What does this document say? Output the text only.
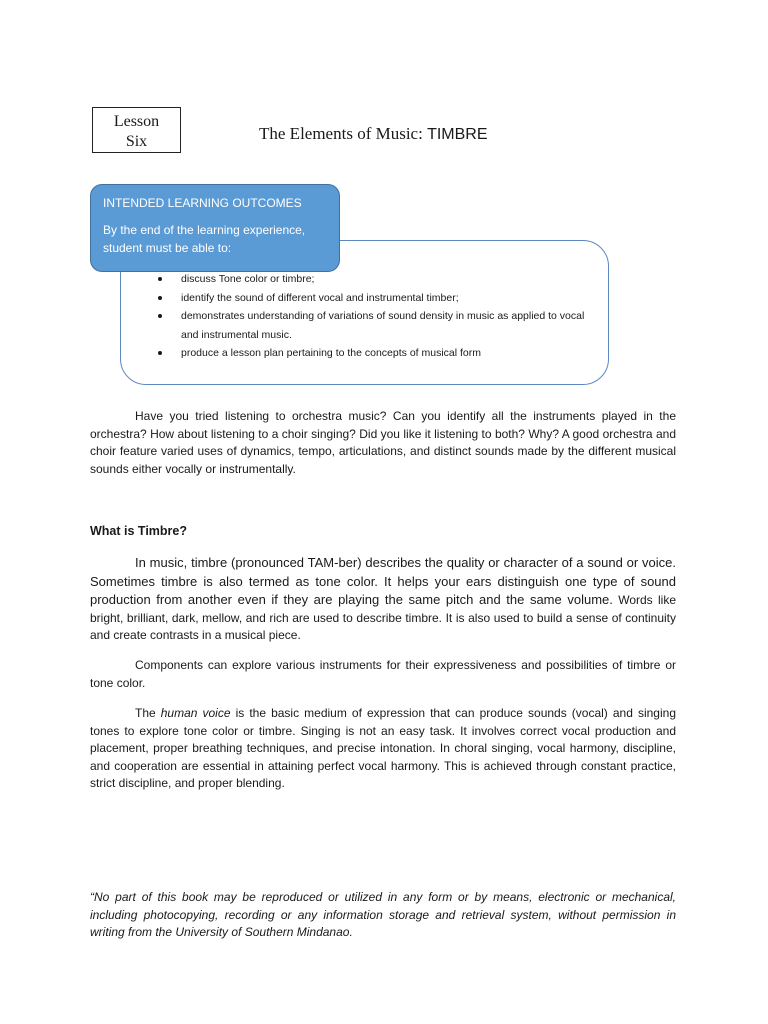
Lesson
Six	The Elements of Music: TIMBRE
INTENDED LEARNING OUTCOMES
By the end of the learning experience, student must be able to:
discuss Tone color or timbre;
identify the sound of different vocal and instrumental timber;
demonstrates understanding of variations of sound density in music as applied to vocal and instrumental music.
produce a lesson plan pertaining to the concepts of musical form

Have you tried listening to orchestra music? Can you identify all the instruments played in the orchestra? How about listening to a choir singing? Did you like it listening to both? Why? A good orchestra and choir feature varied uses of dynamics, tempo, articulations, and distinct sounds made by the different musical sounds either vocally or instrumentally.

What is Timbre?

In music, timbre (pronounced TAM-ber) describes the quality or character of a sound or voice. Sometimes timbre is also termed as tone color. It helps your ears distinguish one type of sound production from another even if they are playing the same pitch and the same volume. Words like bright, brilliant, dark, mellow, and rich are used to describe timbre. It is also used to build a sense of continuity and create contrasts in a musical piece.

Components can explore various instruments for their expressiveness and possibilities of timbre or tone color.

The human voice is the basic medium of expression that can produce sounds (vocal) and singing tones to explore tone color or timbre. Singing is not an easy task. It involves correct vocal production and placement, proper breathing techniques, and precise intonation. In choral singing, vocal harmony, discipline, and cooperation are essential in attaining perfect vocal harmony. This is achieved through constant practice, strict discipline, and proper blending.

“No part of this book may be reproduced or utilized in any form or by means, electronic or mechanical, including photocopying, recording or any information storage and retrieval system, without permission in writing from the University of Southern Mindanao.
